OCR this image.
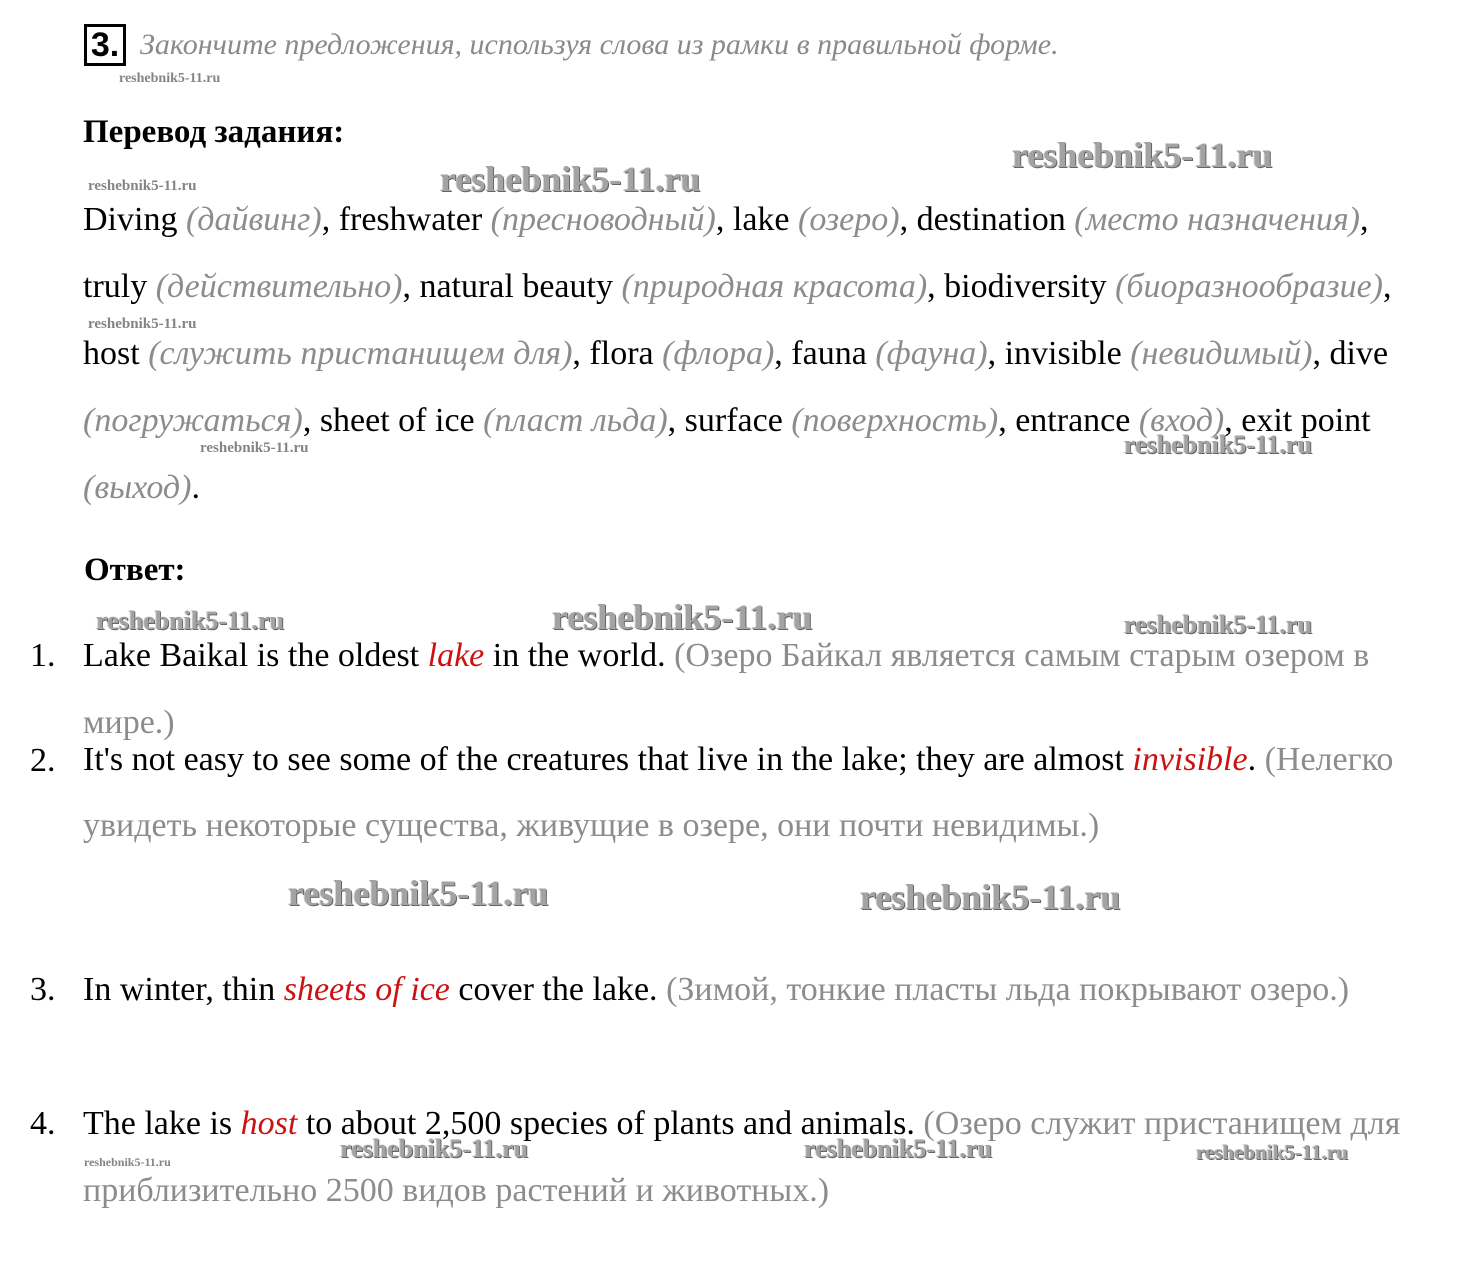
3. Закончите предложения, используя слова из рамки в правильной форме.
Перевод задания:
Diving (дайвинг), freshwater (пресноводный), lake (озеро), destination (место назначения), truly (действительно), natural beauty (природная красота), biodiversity (биоразнообразие), host (служить пристанищем для), flora (флора), fauna (фауна), invisible (невидимый), dive (погружаться), sheet of ice (пласт льда), surface (поверхность), entrance (вход), exit point (выход).
Ответ:
1. Lake Baikal is the oldest lake in the world. (Озеро Байкал является самым старым озером в мире.)
2. It's not easy to see some of the creatures that live in the lake; they are almost invisible. (Нелегко увидеть некоторые существа, живущие в озере, они почти невидимы.)
3. In winter, thin sheets of ice cover the lake. (Зимой, тонкие пласты льда покрывают озеро.)
4. The lake is host to about 2,500 species of plants and animals. (Озеро служит пристанищем для приблизительно 2500 видов растений и животных.)
reshebnik5-11.ru
reshebnik5-11.ru	reshebnik5-11.ru
reshebnik5-11.ru
reshebnik5-11.ru
reshebnik5-11.ru	reshebnik5-11.ru
reshebnik5-11.ru	reshebnik5-11.ru	reshebnik5-11.ru
reshebnik5-11.ru	reshebnik5-11.ru
reshebnik5-11.ru	reshebnik5-11.ru	reshebnik5-11.ru	reshebnik5-11.ru
